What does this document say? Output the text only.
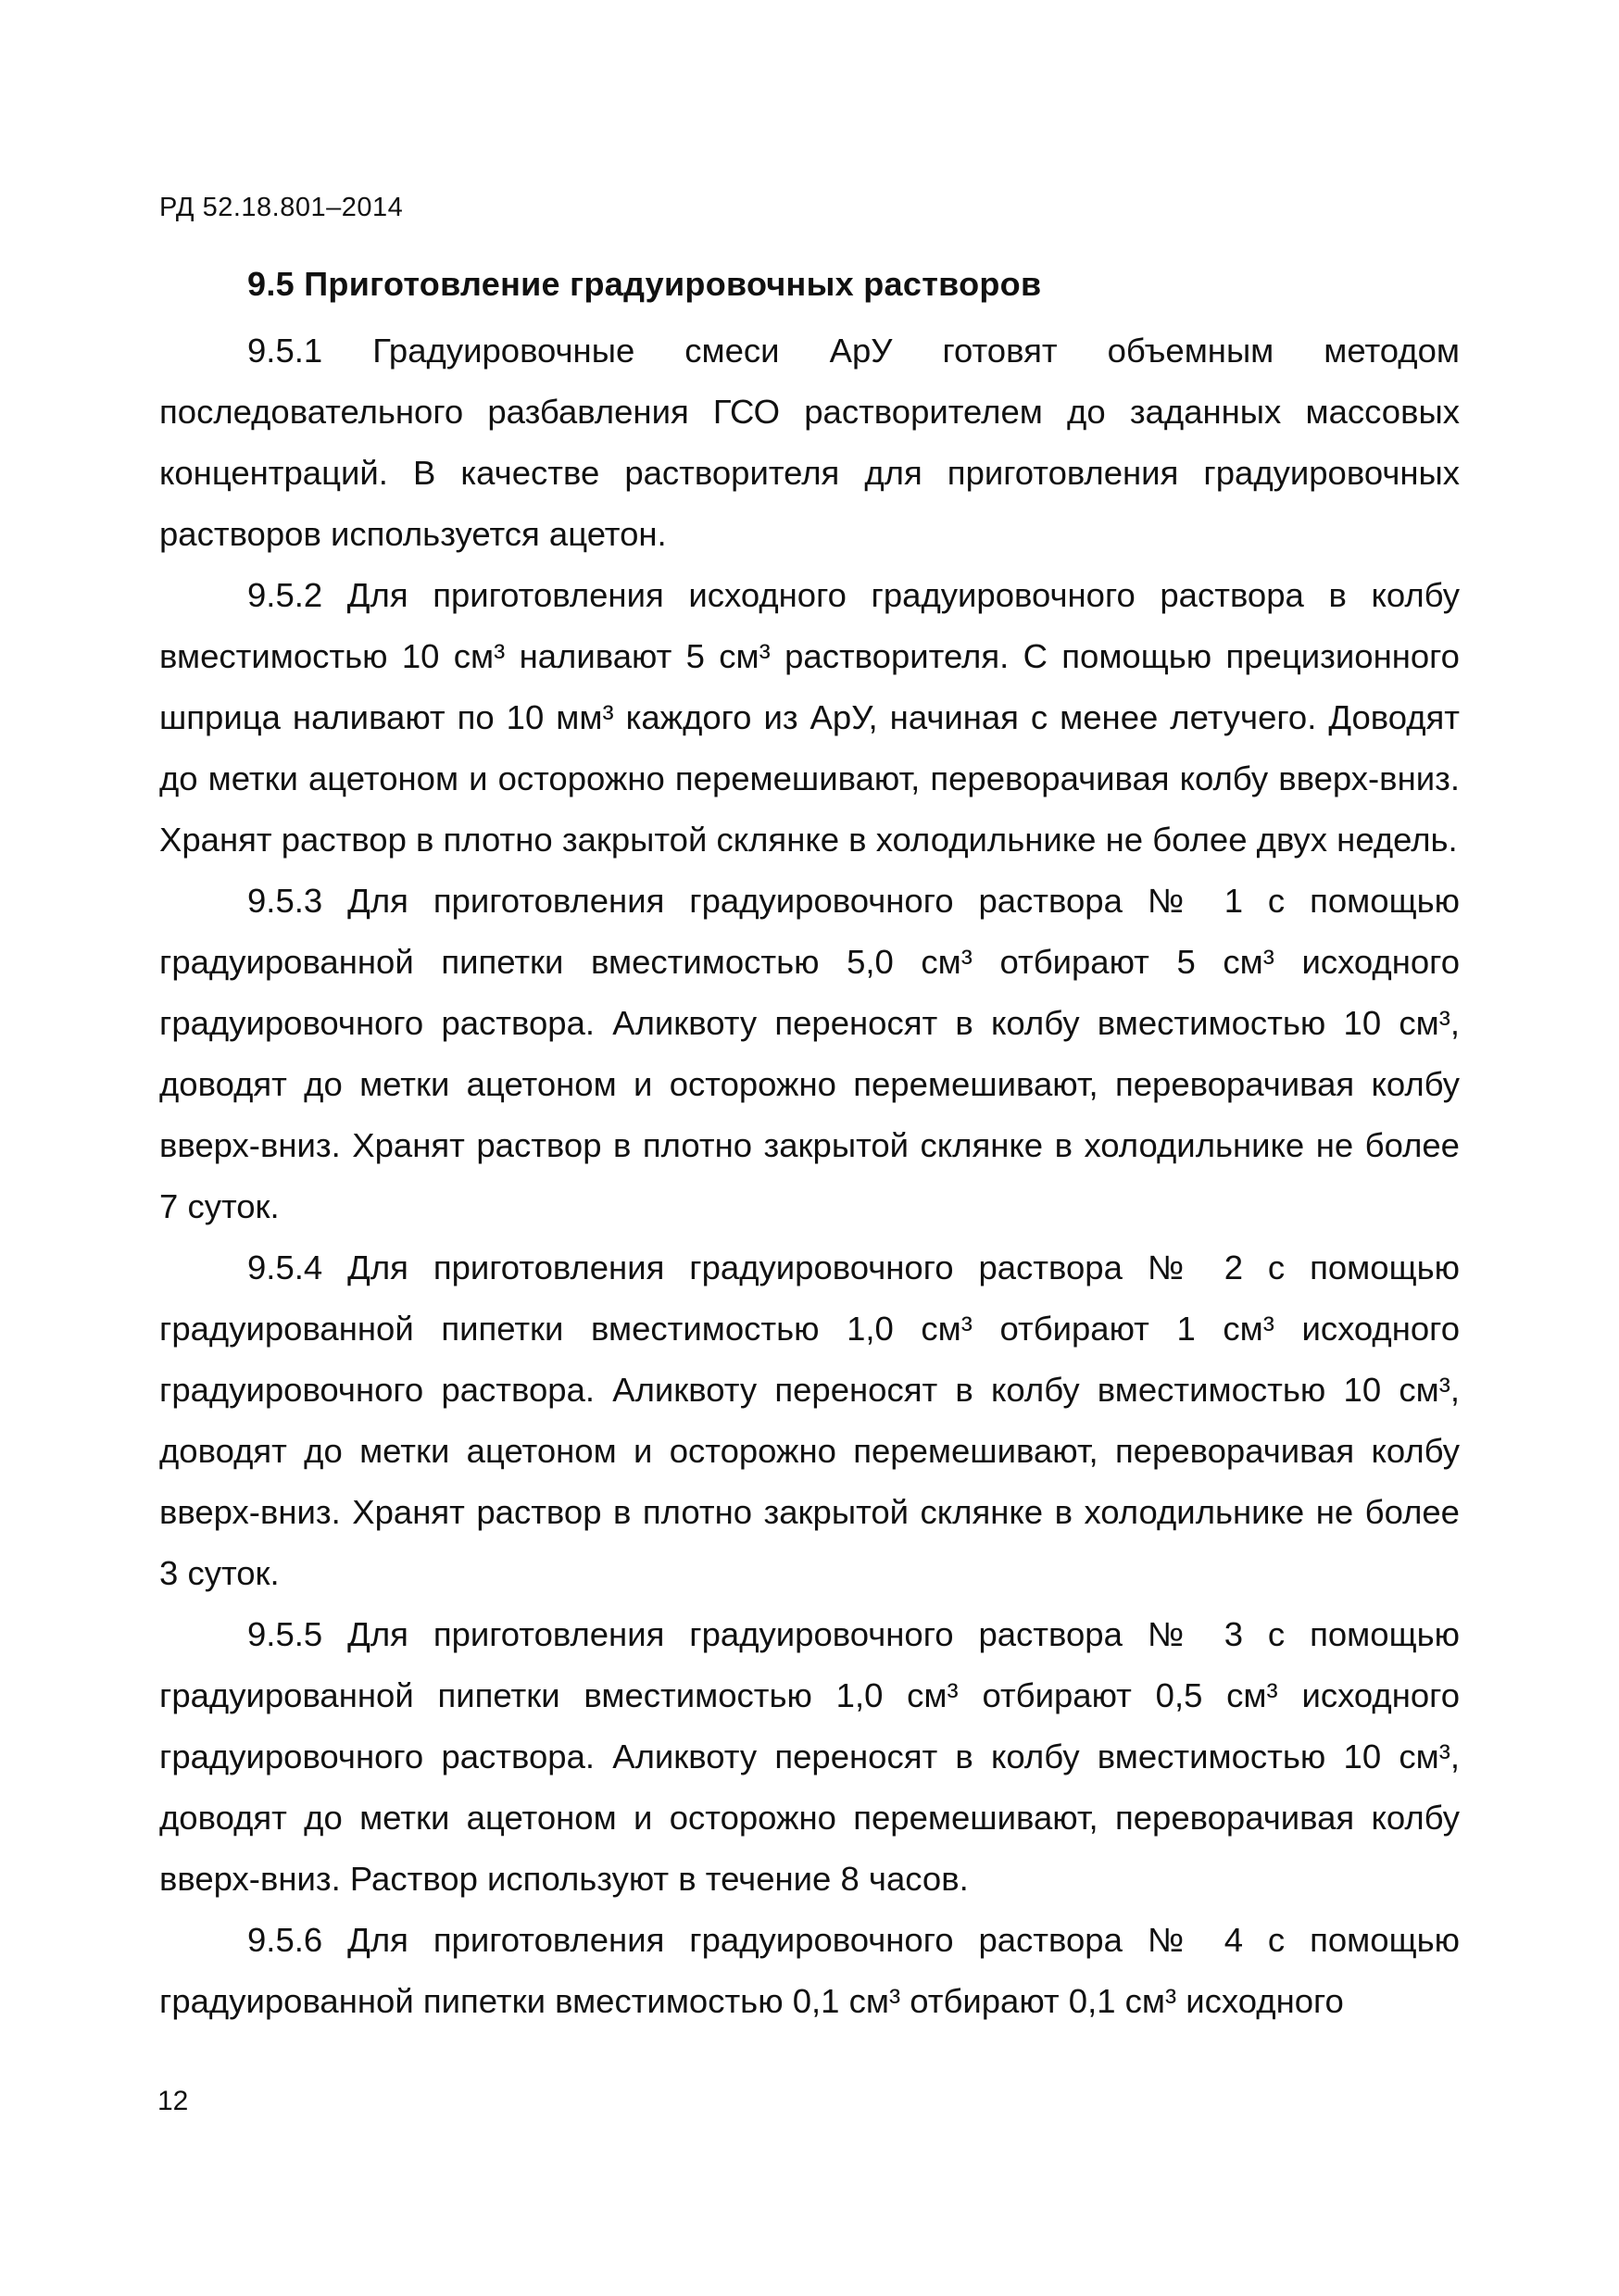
РД 52.18.801–2014
9.5 Приготовление градуировочных растворов

9.5.1 Градуировочные смеси АрУ готовят объемным методом последовательного разбавления ГСО растворителем до заданных массовых концентраций. В качестве растворителя для приготовления градуировочных растворов используется ацетон.

9.5.2 Для приготовления исходного градуировочного раствора в колбу вместимостью 10 см³ наливают 5 см³ растворителя. С помощью прецизионного шприца наливают по 10 мм³ каждого из АрУ, начиная с менее летучего. Доводят до метки ацетоном и осторожно перемешивают, переворачивая колбу вверх-вниз. Хранят раствор в плотно закрытой склянке в холодильнике не более двух недель.

9.5.3 Для приготовления градуировочного раствора № 1 с помощью градуированной пипетки вместимостью 5,0 см³ отбирают 5 см³ исходного градуировочного раствора. Аликвоту переносят в колбу вместимостью 10 см³, доводят до метки ацетоном и осторожно перемешивают, переворачивая колбу вверх-вниз. Хранят раствор в плотно закрытой склянке в холодильнике не более 7 суток.

9.5.4 Для приготовления градуировочного раствора № 2 с помощью градуированной пипетки вместимостью 1,0 см³ отбирают 1 см³ исходного градуировочного раствора. Аликвоту переносят в колбу вместимостью 10 см³, доводят до метки ацетоном и осторожно перемешивают, переворачивая колбу вверх-вниз. Хранят раствор в плотно закрытой склянке в холодильнике не более 3 суток.

9.5.5 Для приготовления градуировочного раствора № 3 с помощью градуированной пипетки вместимостью 1,0 см³ отбирают 0,5 см³ исходного градуировочного раствора. Аликвоту переносят в колбу вместимостью 10 см³, доводят до метки ацетоном и осторожно перемешивают, переворачивая колбу вверх-вниз. Раствор используют в течение 8 часов.

9.5.6 Для приготовления градуировочного раствора № 4 с помощью градуированной пипетки вместимостью 0,1 см³ отбирают 0,1 см³ исходного

12
